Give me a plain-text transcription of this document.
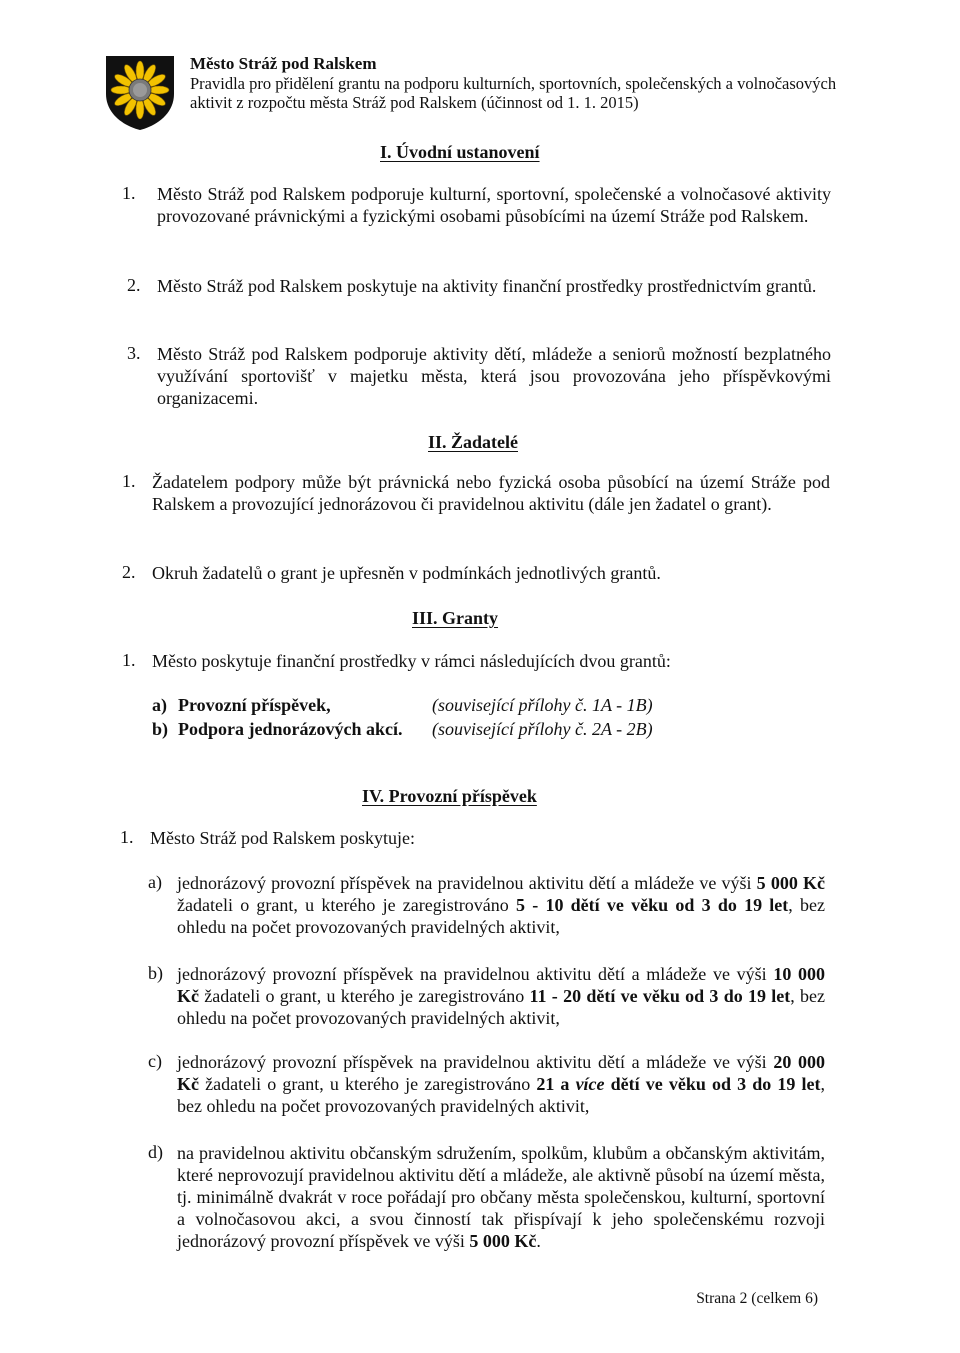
Město Stráž pod Ralskem
Pravidla pro přidělení grantu na podporu kulturních, sportovních, společenských a volnočasových
aktivit z rozpočtu města Stráž pod Ralskem (účinnost od 1. 1. 2015)
I. Úvodní ustanovení
1. Město Stráž pod Ralskem podporuje kulturní, sportovní, společenské a volnočasové aktivity provozované právnickými a fyzickými osobami působícími na území Stráže pod Ralskem.
2. Město Stráž pod Ralskem poskytuje na aktivity finanční prostředky prostřednictvím grantů.
3. Město Stráž pod Ralskem podporuje aktivity dětí, mládeže a seniorů možností bezplatného využívání sportovišť v majetku města, která jsou provozována jeho příspěvkovými organizacemi.
II. Žadatelé
1. Žadatelem podpory může být právnická nebo fyzická osoba působící na území Stráže pod Ralskem a provozující jednorázovou či pravidelnou aktivitu (dále jen žadatel o grant).
2. Okruh žadatelů o grant je upřesněn v podmínkách jednotlivých grantů.
III. Granty
1. Město poskytuje finanční prostředky v rámci následujících dvou grantů:
a) Provozní příspěvek,	(související přílohy č. 1A - 1B)
b) Podpora jednorázových akcí. (související přílohy č. 2A - 2B)
IV. Provozní příspěvek
1. Město Stráž pod Ralskem poskytuje:
a) jednorázový provozní příspěvek na pravidelnou aktivitu dětí a mládeže ve výši 5 000 Kč žadateli o grant, u kterého je zaregistrováno 5 - 10 dětí ve věku od 3 do 19 let, bez ohledu na počet provozovaných pravidelných aktivit,
b) jednorázový provozní příspěvek na pravidelnou aktivitu dětí a mládeže ve výši 10 000 Kč žadateli o grant, u kterého je zaregistrováno 11 - 20 dětí ve věku od 3 do 19 let, bez ohledu na počet provozovaných pravidelných aktivit,
c) jednorázový provozní příspěvek na pravidelnou aktivitu dětí a mládeže ve výši 20 000 Kč žadateli o grant, u kterého je zaregistrováno 21 a více dětí ve věku od 3 do 19 let, bez ohledu na počet provozovaných pravidelných aktivit,
d) na pravidelnou aktivitu občanským sdružením, spolkům, klubům a občanským aktivitám, které neprovozují pravidelnou aktivitu dětí a mládeže, ale aktivně působí na území města, tj. minimálně dvakrát v roce pořádají pro občany města společenskou, kulturní, sportovní a volnočasovou akci, a svou činností tak přispívají k jeho společenskému rozvoji jednorázový provozní příspěvek ve výši 5 000 Kč.
Strana 2 (celkem 6)
